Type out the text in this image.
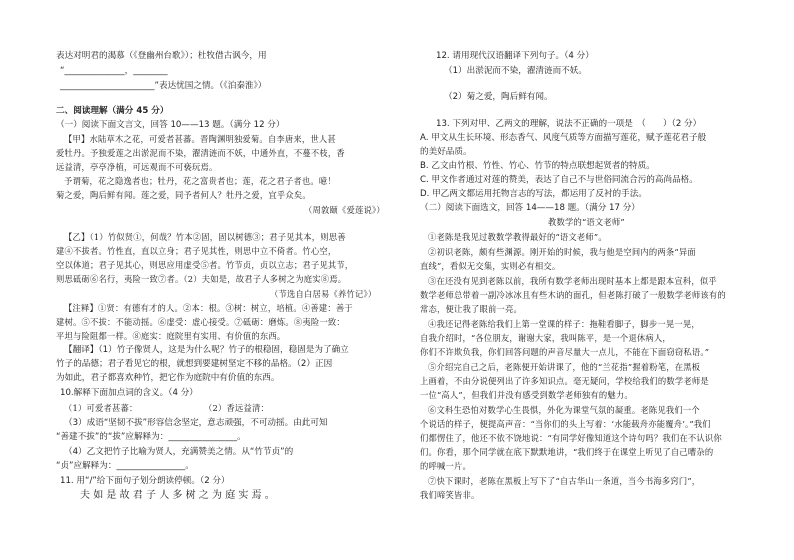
表达对明君的渴慕（《登幽州台歌》）；杜牧借古讽今，用
“______________，________
______________________”表达忧国之情。（《泊秦淮》）
二、阅读理解（满分 45 分）
（一）阅读下面文言文，回答 10——13 题。（满分 12 分）
【甲】水陆草木之花，可爱者甚蕃。晋陶渊明独爱菊。自李唐来，世人甚
爱牡丹。予独爱莲之出淤泥而不染，濯清涟而不妖，中通外直，不蔓不枝，香
远益清，亭亭净植，可远观而不可亵玩焉。
予谓菊，花之隐逸者也；牡丹，花之富贵者也；莲，花之君子者也。噫！
菊之爱，陶后鲜有闻。莲之爱，同予者何人？牡丹之爱，宜乎众矣。
（周敦颐《爱莲说》）
【乙】（1）竹似贤①，何哉？竹本②固，固以树德③；君子见其本，则思善
建④不拔者。竹性直，直以立身；君子见其性，则思中立不倚者。竹心空，
空以体道；君子见其心，则思应用虚受⑤者。竹节贞，贞以立志；君子见其节，
则思砥砺⑥名行，夷险一致⑦者。（2）夫如是，故君子人多树之为庭实⑧焉。
（节选自白居易《养竹记》）
【注释】①贤：有德有才的人。②本：根。③树：树立，培植。④善建：善于
建树。⑤不拔：不能动摇。⑥虚受：虚心接受。⑦砥砺：磨炼。⑧夷险一致：
平坦与险阻都一样。⑧庭实：庭院里有实用、有价值的东西。
【翻译】（1）竹子像贤人，这是为什么呢？竹子的根稳固，稳固是为了确立
竹子的品德；君子看见它的根，就想到要建树坚定不移的品格。（2）正因
为如此，君子都喜欢种竹，把它作为庭院中有价值的东西。
10.解释下面加点词的含义。（4 分）
（1）可爱者甚蕃：	（2）香远益清：
（3）成语“坚韧不拔”形容信念坚定，意志顽强，不可动摇。由此可知
“善建不拔”的“拔”应解释为：________________。
（4）乙文把竹子比喻为贤人，充满赞美之情。从“竹节贞”的
“贞”应解释为：________________。
11. 用“/”给下面句子划分朗读停顿。（2 分）
夫如是故君子人多树之为庭实焉。
12. 请用现代汉语翻译下列句子。（4 分）
（1）出淤泥而不染，濯清涟而不妖。
（2）菊之爱，陶后鲜有闻。
13. 下列对甲、乙两文的理解，说法不正确的一项是　（　　）（2 分）
A. 甲文从生长环境、形态香气、风度气质等方面描写莲花，赋予莲花君子般
的美好品质。
B. 乙文由竹根、竹性、竹心、竹节的特点联想起贤者的特质。
C. 甲文作者通过对莲的赞美，表达了自己不与世俗同流合污的高尚品格。
D. 甲乙两文都运用托物言志的写法，都运用了反衬的手法。
（二）阅读下面选文，回答 14——18 题。（满分 17 分）
教数学的“语文老师”
①老陈是我见过教数学教得最好的“语文老师”。
②初识老陈，颇有些渊源。刚开始的时候，我与他是空间内的两条“异面
直线”，看似无交集，实则必有相交。
③在还没有见到老陈以前，我所有数学老师出现时基本上都是跟本宣科，似乎
数学老师总带着一副冷冰冰且有些木讷的面孔，但老陈打破了一般数学老师该有的
常态，便让我了眼前一亮。
④我还记得老陈给我们上第一堂课的样子：拖鞋看脚子，脚步一晃一晃，
自我介绍时，“各位朋友，谢谢大家，我叫陈平，是一个退休病人，
你们不许欺负我，你们回答问题的声音尽量大一点儿，不能在下面窃窃私语。”
⑤介绍完自己之后，老陈便开始讲课了，他的“兰花指”握着粉笔，在黑板
上画着，不由分说便列出了许多知识点。毫无疑问，学校给我们的数学老师是
一位“高人”，但我们并没有感受到数学老师独有的魅力。
⑥文科生恐怕对数学心生畏惧，外化为课堂气氛的凝重。老陈见我们一个
个说话的样子，便提高声音：“当你们的头上写着：‘水能载舟亦能覆舟’。”我们
们都愣住了，他还不依不饶地说：“有同学好像知道这个诗句吗？我们在不认识你
们。你看，那个同学就在底下默默地讲，“我们终于在课堂上听见了自己嘈杂的
的呼喊一片。
⑦快下课时，老陈在黑板上写下了“自古华山一条道，当今书海多窍门”，
我们啼笑皆非。
